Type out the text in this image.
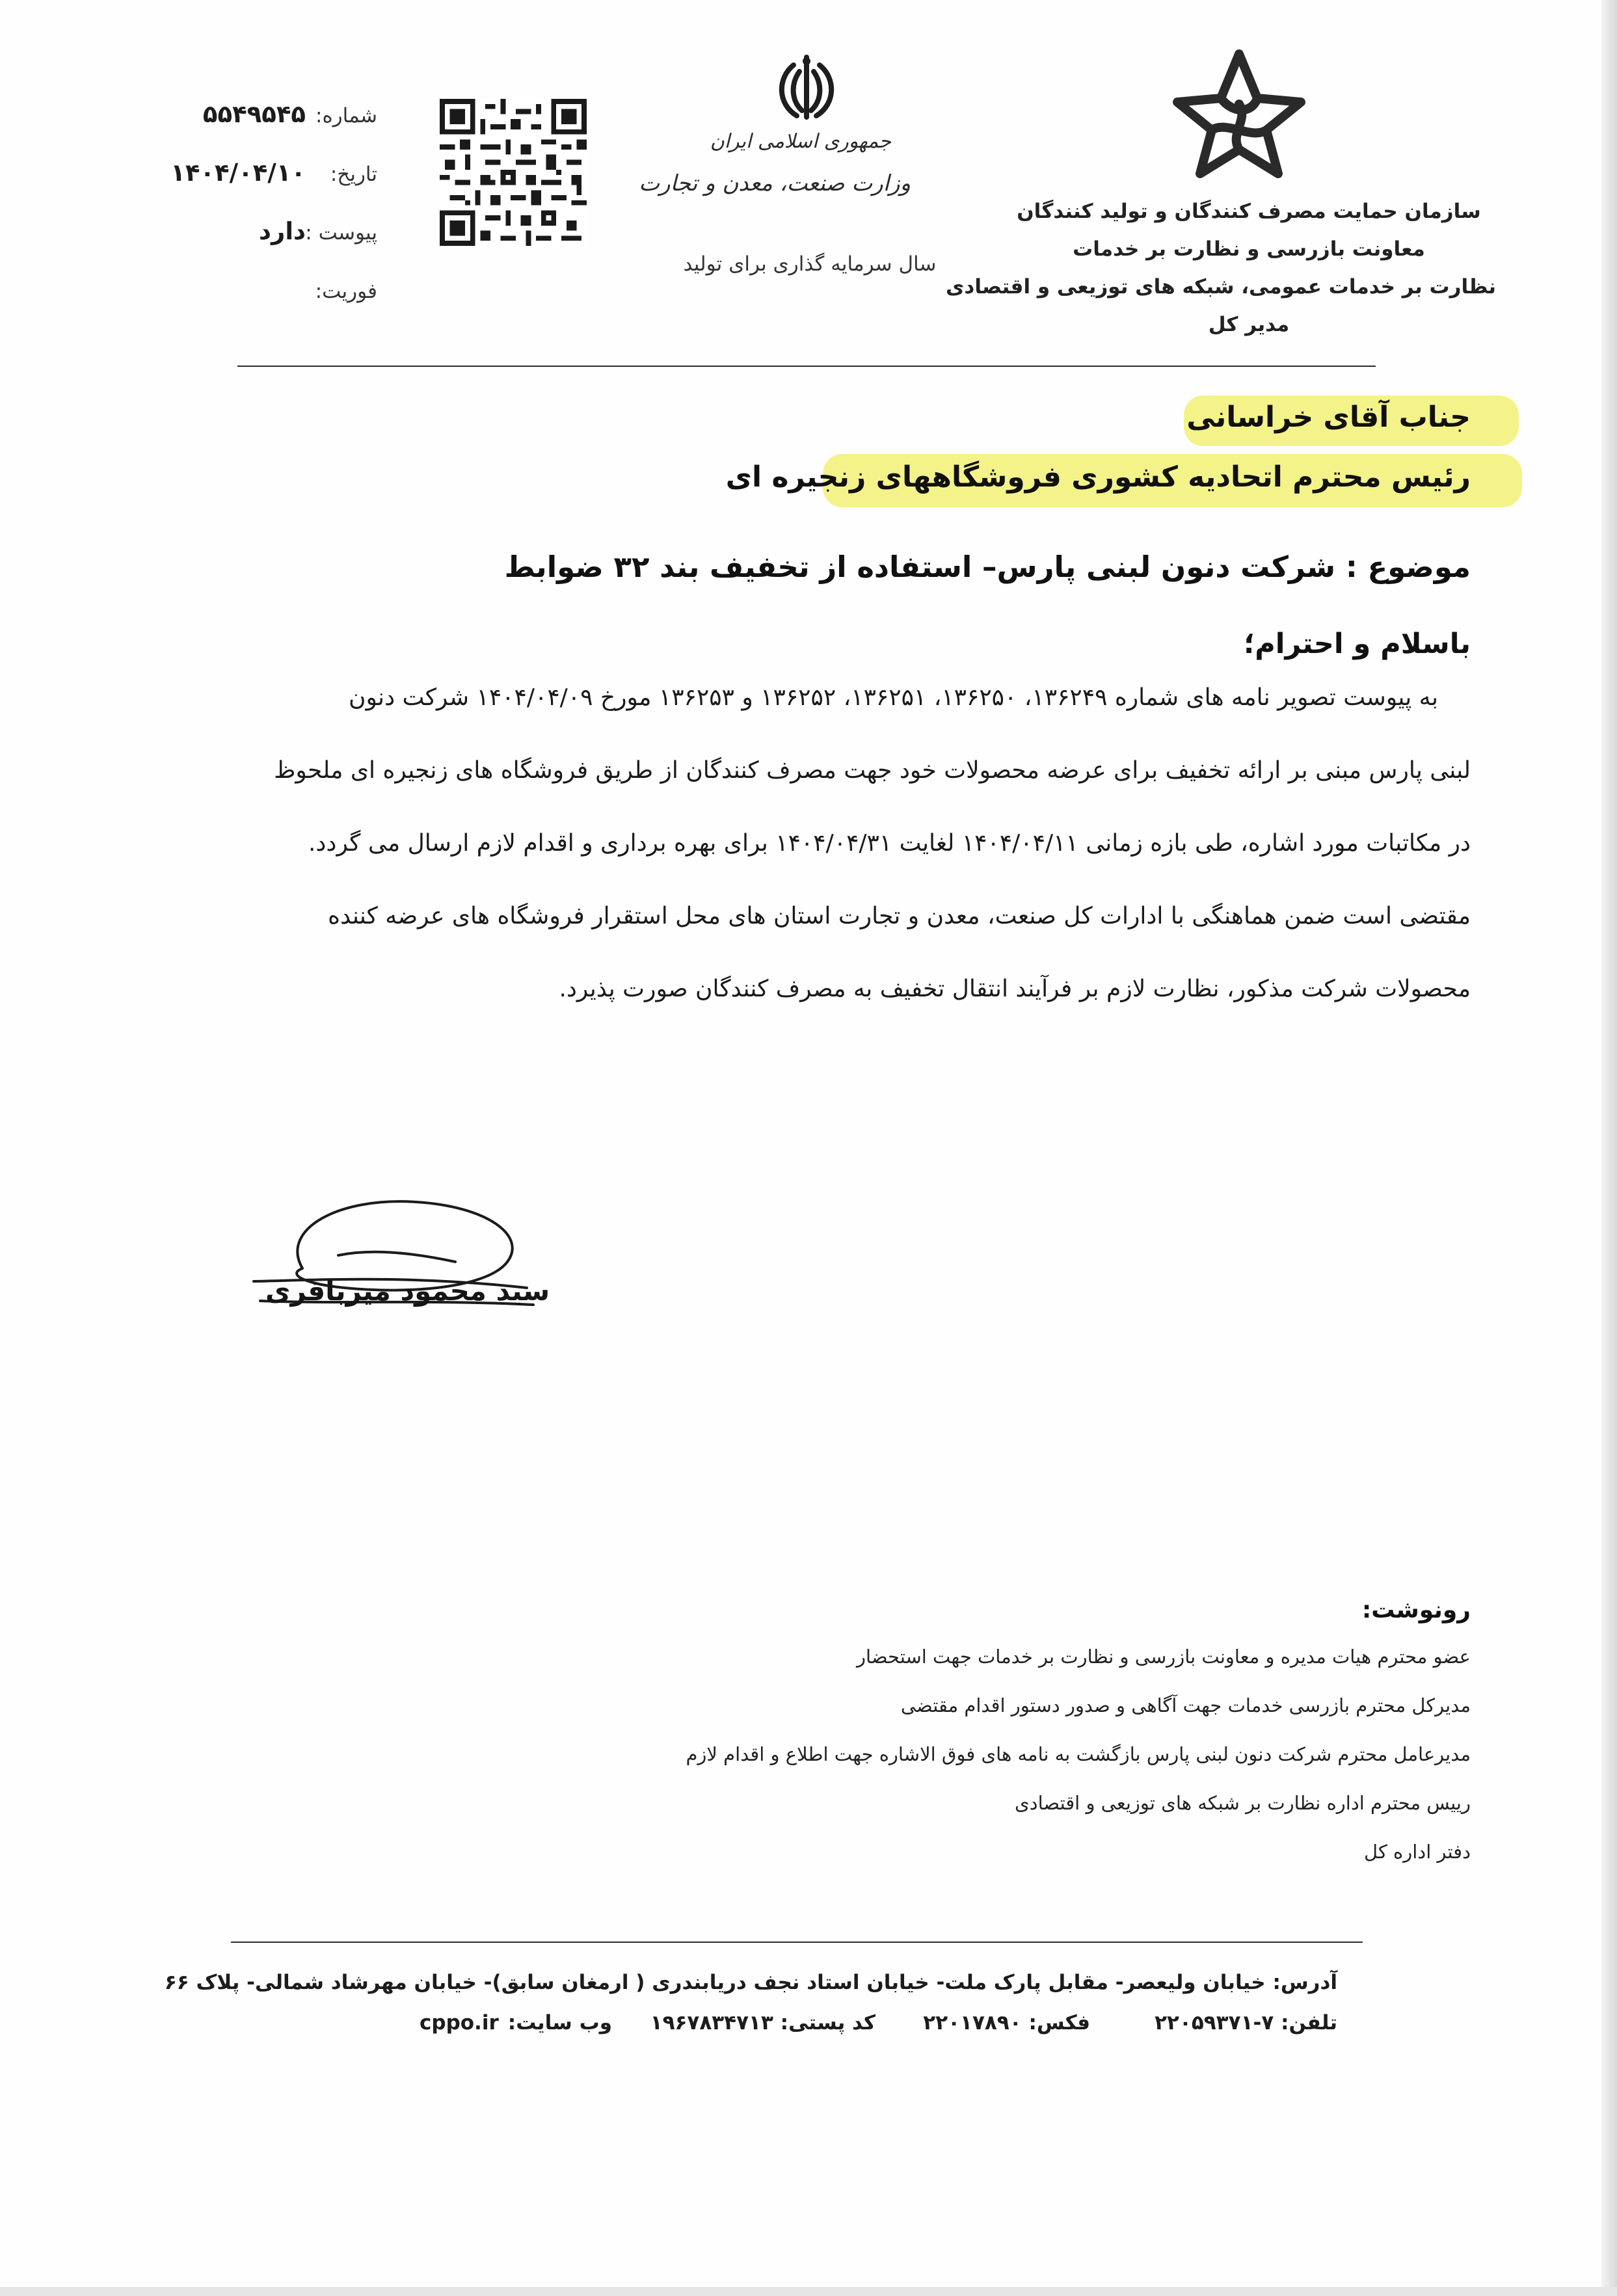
سازمان حمایت مصرف کنندگان و تولید کنندگان
معاونت بازرسی و نظارت بر خدمات
نظارت بر خدمات عمومی، شبکه های توزیعی و اقتصادی
مدیر کل
جمهوری اسلامی ایران
وزارت صنعت، معدن و تجارت
سال سرمایه گذاری برای تولید
شماره:
۵۵۴۹۵۴۵
تاریخ:
۱۴۰۴/۰۴/۱۰
پیوست :
دارد
فوریت:
جناب آقای خراسانی
رئیس محترم اتحادیه کشوری فروشگاههای زنجیره ای
موضوع : شرکت دنون لبنی پارس– استفاده از تخفیف بند ۳۲ ضوابط
باسلام و احترام؛
به پیوست تصویر نامه های شماره ۱۳۶۲۴۹، ۱۳۶۲۵۰، ۱۳۶۲۵۱، ۱۳۶۲۵۲ و ۱۳۶۲۵۳ مورخ ۱۴۰۴/۰۴/۰۹ شرکت دنون
لبنی پارس مبنی بر ارائه تخفیف برای عرضه محصولات خود جهت مصرف کنندگان از طریق فروشگاه های زنجیره ای ملحوظ
در مکاتبات مورد اشاره، طی بازه زمانی ۱۴۰۴/۰۴/۱۱ لغایت ۱۴۰۴/۰۴/۳۱ برای بهره برداری و اقدام لازم ارسال می گردد.
مقتضی است ضمن هماهنگی با ادارات کل صنعت، معدن و تجارت استان های محل استقرار فروشگاه های عرضه کننده
محصولات شرکت مذکور، نظارت لازم بر فرآیند انتقال تخفیف به مصرف کنندگان صورت پذیرد.
سید محمود میرباقری
رونوشت:
عضو محترم هیات مدیره و معاونت بازرسی و نظارت بر خدمات جهت استحضار
مدیرکل محترم بازرسی خدمات جهت آگاهی و صدور دستور اقدام مقتضی
مدیرعامل محترم شرکت دنون لبنی پارس بازگشت به نامه های فوق الاشاره جهت اطلاع و اقدام لازم
رییس محترم اداره نظارت بر شبکه های توزیعی و اقتصادی
دفتر اداره کل
آدرس: خیابان ولیعصر- مقابل پارک ملت- خیابان استاد نجف دریابندری ( ارمغان سابق)- خیابان مهرشاد شمالی- پلاک ۶۶
تلفن: ۷-۲۲۰۵۹۳۷۱
فکس: ۲۲۰۱۷۸۹۰
کد پستی: ۱۹۶۷۸۳۴۷۱۳
وب سایت:
cppo.ir
